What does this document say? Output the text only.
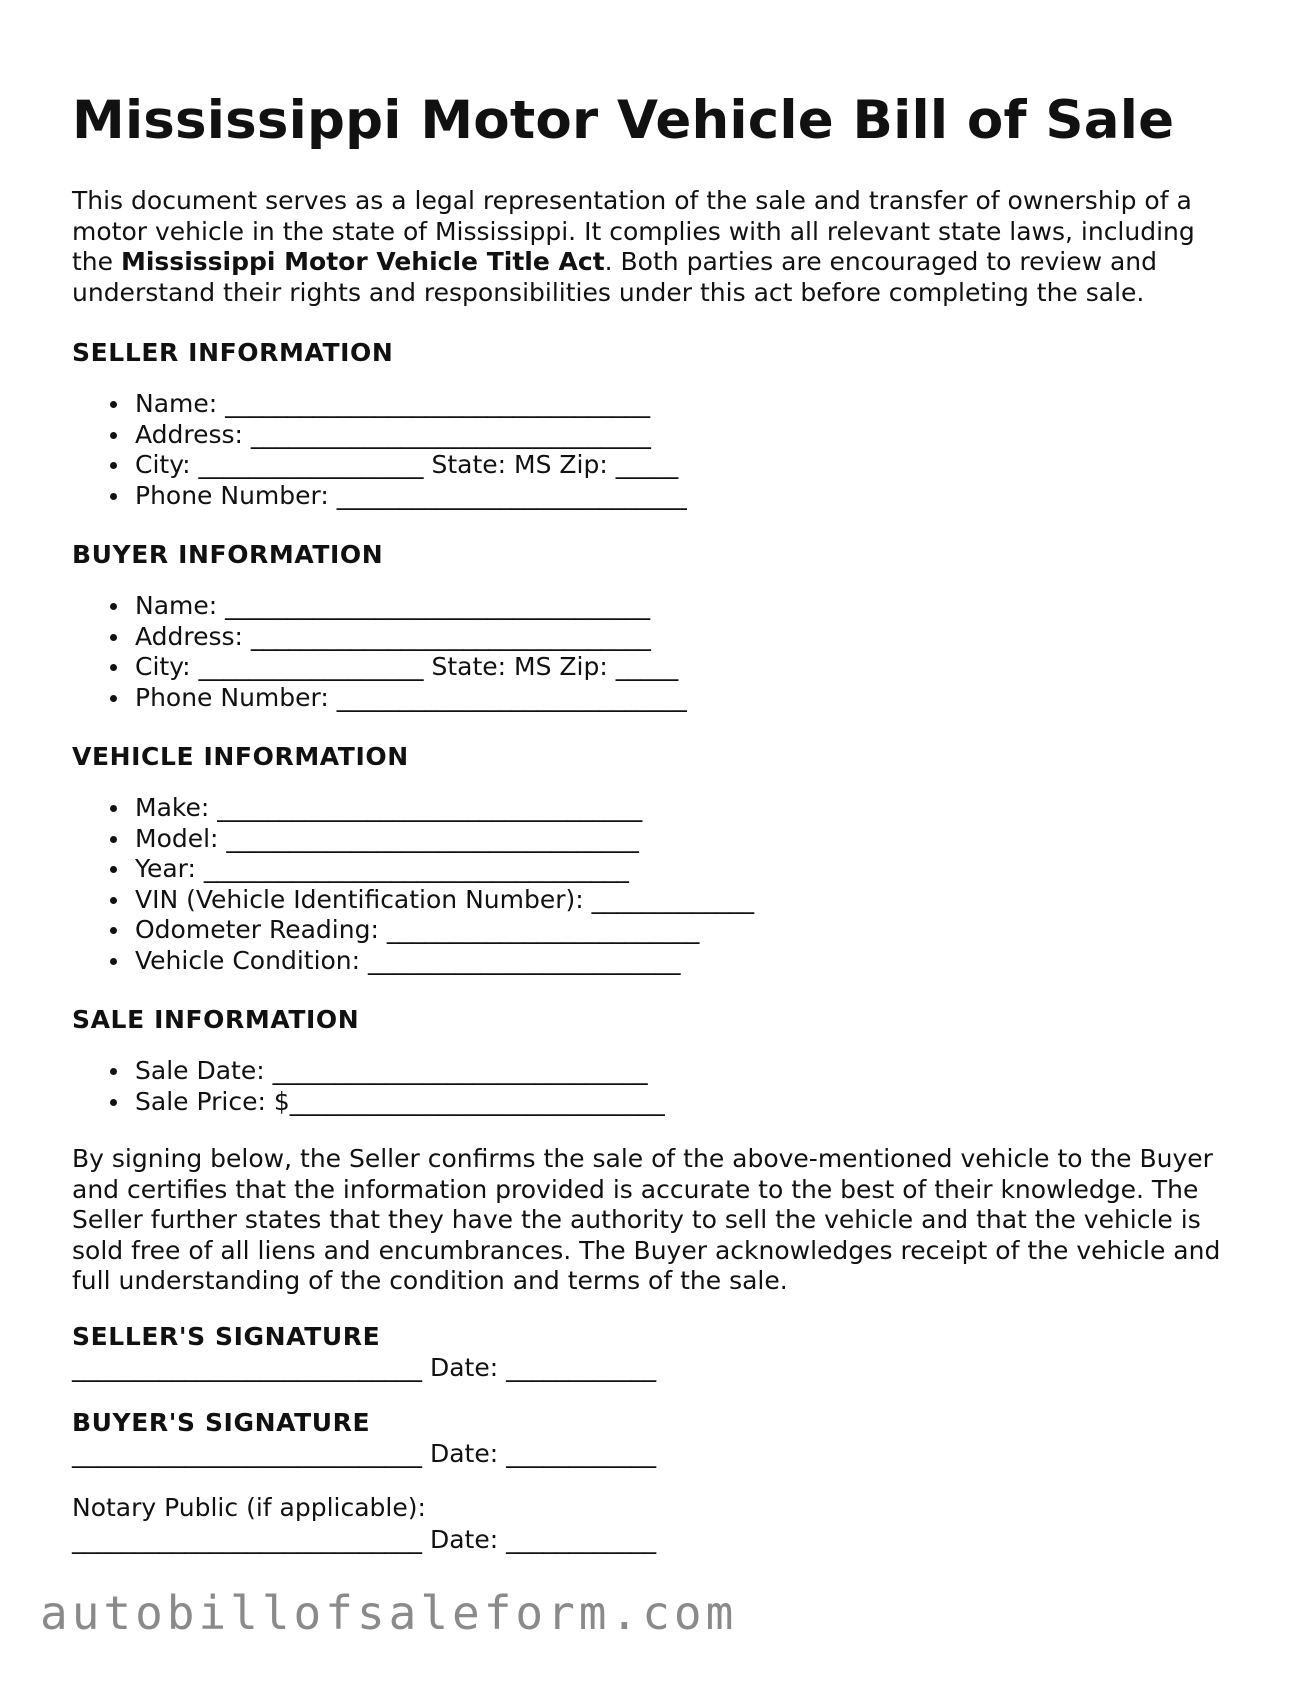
Mississippi Motor Vehicle Bill of Sale

This document serves as a legal representation of the sale and transfer of ownership of a motor vehicle in the state of Mississippi. It complies with all relevant state laws, including the Mississippi Motor Vehicle Title Act. Both parties are encouraged to review and understand their rights and responsibilities under this act before completing the sale.

SELLER INFORMATION
Name: __________________________________
Address: ________________________________
City: __________________ State: MS Zip: _____
Phone Number: ____________________________
BUYER INFORMATION
Name: __________________________________
Address: ________________________________
City: __________________ State: MS Zip: _____
Phone Number: ____________________________
VEHICLE INFORMATION
Make: __________________________________
Model: _________________________________
Year: __________________________________
VIN (Vehicle Identification Number): _____________
Odometer Reading: _________________________
Vehicle Condition: _________________________
SALE INFORMATION
Sale Date: ______________________________
Sale Price: $______________________________

By signing below, the Seller confirms the sale of the above-mentioned vehicle to the Buyer and certifies that the information provided is accurate to the best of their knowledge. The Seller further states that they have the authority to sell the vehicle and that the vehicle is sold free of all liens and encumbrances. The Buyer acknowledges receipt of the vehicle and full understanding of the condition and terms of the sale.

SELLER'S SIGNATURE
____________________________ Date: ____________
BUYER'S SIGNATURE
____________________________ Date: ____________
Notary Public (if applicable):
____________________________ Date: ____________
autobillofsaleform.com
